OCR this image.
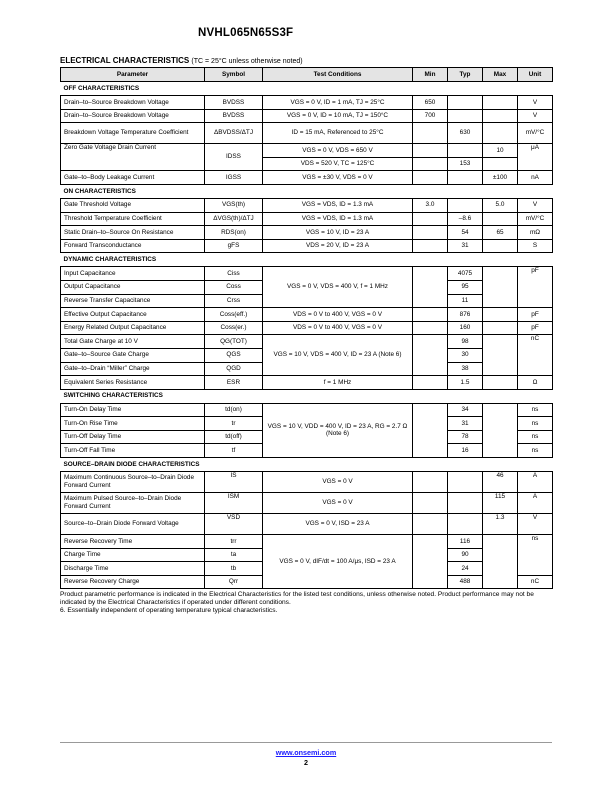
NVHL065N65S3F
ELECTRICAL CHARACTERISTICS (TC = 25°C unless otherwise noted)
Parameter	Symbol	Test Conditions	Min	Typ	Max	Unit
OFF CHARACTERISTICS						
Drain–to–Source Breakdown Voltage	BVDSS	VGS = 0 V, ID = 1 mA, TJ = 25°C	650			V
Drain–to–Source Breakdown Voltage	BVDSS	VGS = 0 V, ID = 10 mA, TJ = 150°C	700			V
Breakdown Voltage Temperature Coefficient	ΔBVDSS/ΔTJ	ID = 15 mA, Referenced to 25°C		630		mV/°C
Zero Gate Voltage Drain Current	IDSS	VGS = 0 V, VDS = 650 V			10	μA
		VDS = 520 V, TC = 125°C		153		
Gate–to–Body Leakage Current	IGSS	VGS = ±30 V, VDS = 0 V			±100	nA
ON CHARACTERISTICS						
Gate Threshold Voltage	VGS(th)	VGS = VDS, ID = 1.3 mA	3.0		5.0	V
Threshold Temperature Coefficient	ΔVGS(th)/ΔTJ	VGS = VDS, ID = 1.3 mA		–8.6		mV/°C
Static Drain–to–Source On Resistance	RDS(on)	VGS = 10 V, ID = 23 A		54	65	mΩ
Forward Transconductance	gFS	VDS = 20 V, ID = 23 A		31		S
DYNAMIC CHARACTERISTICS						
Input Capacitance	Ciss	VGS = 0 V, VDS = 400 V, f = 1 MHz		4075		pF
Output Capacitance	Coss			95		
Reverse Transfer Capacitance	Crss			11		
Effective Output Capacitance	Coss(eff.)	VDS = 0 V to 400 V, VGS = 0 V		876		pF
Energy Related Output Capacitance	Coss(er.)	VDS = 0 V to 400 V, VGS = 0 V		160		pF
Total Gate Charge at 10 V	QG(TOT)	VGS = 10 V, VDS = 400 V, ID = 23 A (Note 6)		98		nC
Gate–to–Source Gate Charge	QGS			30		
Gate–to–Drain “Miller” Charge	QGD			38		
Equivalent Series Resistance	ESR	f = 1 MHz		1.5		Ω
SWITCHING CHARACTERISTICS						
Turn-On Delay Time	td(on)	VGS = 10 V, VDD = 400 V, ID = 23 A, RG = 2.7 Ω (Note 6)		34		ns
Turn-On Rise Time	tr			31		ns
Turn-Off Delay Time	td(off)			78		ns
Turn-Off Fall Time	tf			16		ns
SOURCE–DRAIN DIODE CHARACTERISTICS						
Maximum Continuous Source–to–Drain Diode Forward Current	IS	VGS = 0 V			46	A
Maximum Pulsed Source–to–Drain Diode Forward Current	ISM	VGS = 0 V			115	A
Source–to–Drain Diode Forward Voltage	VSD	VGS = 0 V, ISD = 23 A			1.3	V
Reverse Recovery Time	trr	VGS = 0 V, dIF/dt = 100 A/μs, ISD = 23 A		116		ns
Charge Time	ta			90		
Discharge Time	tb			24		
Reverse Recovery Charge	Qrr			488		nC
Product parametric performance is indicated in the Electrical Characteristics for the listed test conditions, unless otherwise noted. Product performance may not be indicated by the Electrical Characteristics if operated under different conditions.
6. Essentially independent of operating temperature typical characteristics.
www.onsemi.com
2
